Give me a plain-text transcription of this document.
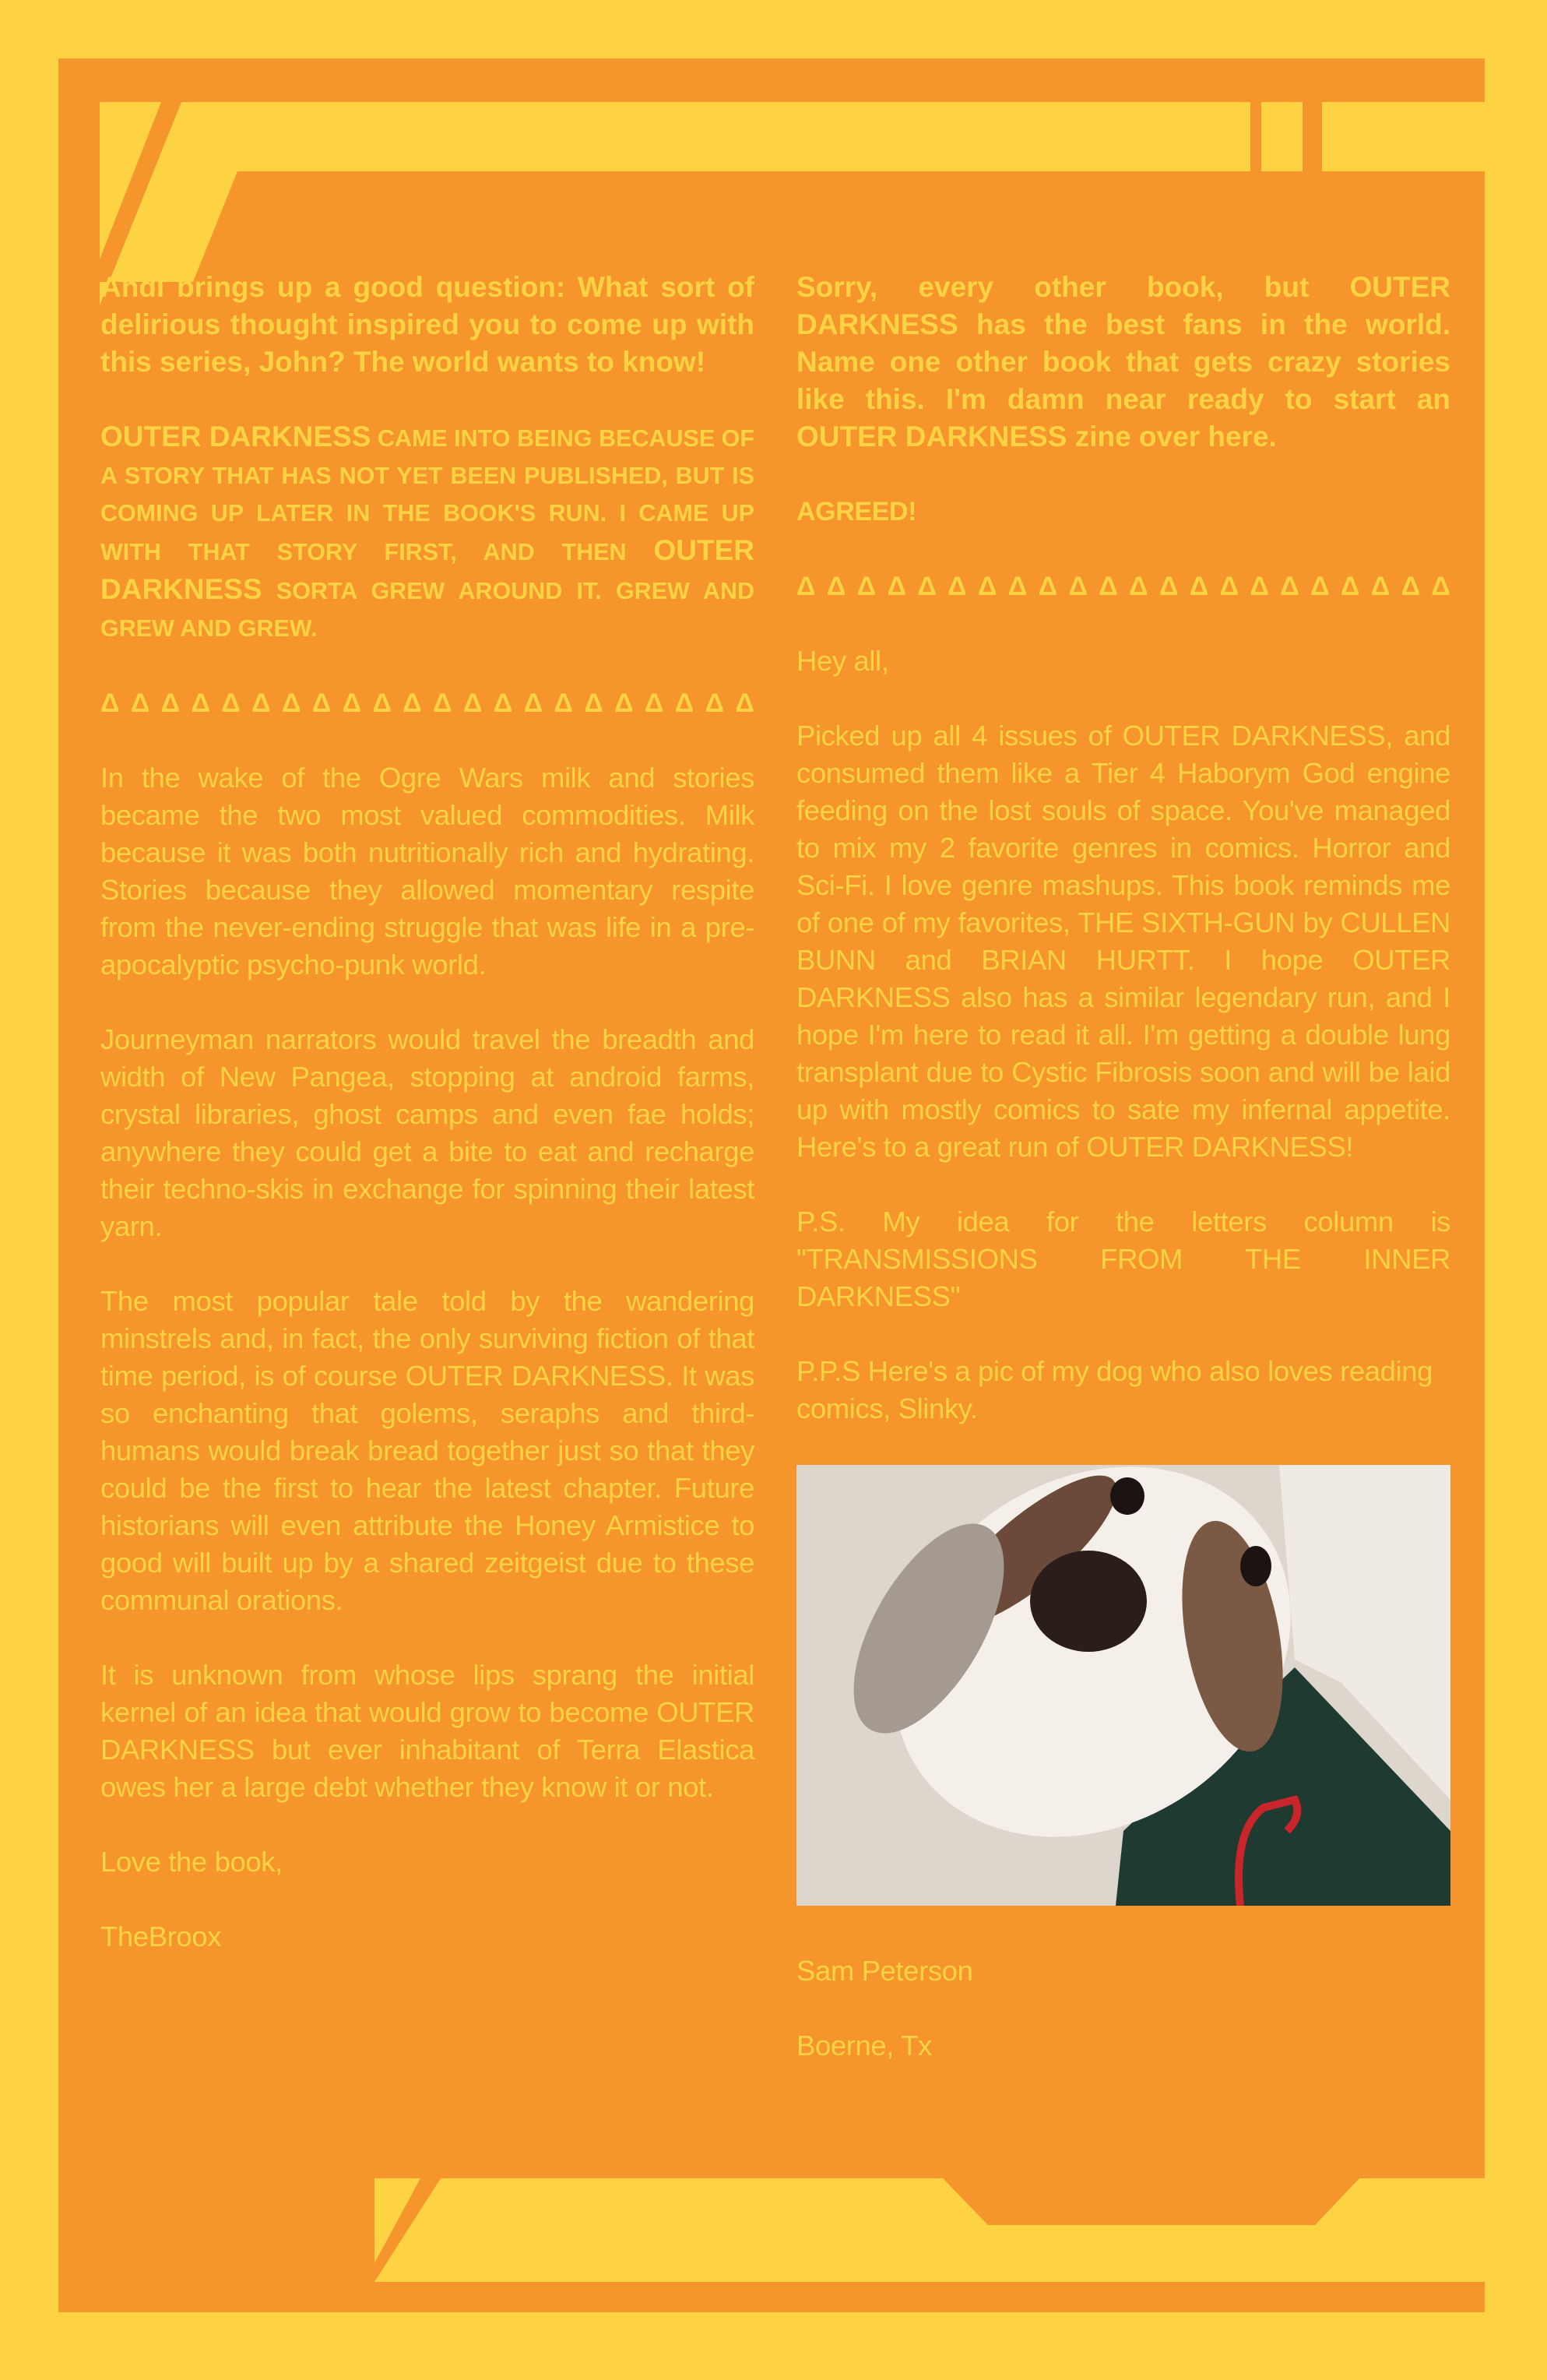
Andi brings up a good question: What sort of delirious thought inspired you to come up with this series, John? The world wants to know!

OUTER DARKNESS CAME INTO BEING BECAUSE OF A STORY THAT HAS NOT YET BEEN PUBLISHED, BUT IS COMING UP LATER IN THE BOOK'S RUN. I CAME UP WITH THAT STORY FIRST, AND THEN OUTER DARKNESS SORTA GREW AROUND IT. GREW AND GREW AND GREW.

Δ Δ Δ Δ Δ Δ Δ Δ Δ Δ Δ Δ Δ Δ Δ Δ Δ Δ Δ Δ Δ Δ

In the wake of the Ogre Wars milk and stories became the two most valued commodities. Milk because it was both nutritionally rich and hydrating. Stories because they allowed momentary respite from the never-ending struggle that was life in a pre-apocalyptic psycho-punk world.

Journeyman narrators would travel the breadth and width of New Pangea, stopping at android farms, crystal libraries, ghost camps and even fae holds; anywhere they could get a bite to eat and recharge their techno-skis in exchange for spinning their latest yarn.

The most popular tale told by the wandering minstrels and, in fact, the only surviving fiction of that time period, is of course OUTER DARKNESS. It was so enchanting that golems, seraphs and third-humans would break bread together just so that they could be the first to hear the latest chapter. Future historians will even attribute the Honey Armistice to good will built up by a shared zeitgeist due to these communal orations.

It is unknown from whose lips sprang the initial kernel of an idea that would grow to become OUTER DARKNESS but ever inhabitant of Terra Elastica owes her a large debt whether they know it or not.

Love the book,

TheBroox

Sorry, every other book, but OUTER DARKNESS has the best fans in the world. Name one other book that gets crazy stories like this. I'm damn near ready to start an OUTER DARKNESS zine over here.

AGREED!

Δ Δ Δ Δ Δ Δ Δ Δ Δ Δ Δ Δ Δ Δ Δ Δ Δ Δ Δ Δ Δ Δ

Hey all,

Picked up all 4 issues of OUTER DARKNESS, and consumed them like a Tier 4 Haborym God engine feeding on the lost souls of space. You've managed to mix my 2 favorite genres in comics. Horror and Sci-Fi. I love genre mashups. This book reminds me of one of my favorites, THE SIXTH-GUN by CULLEN BUNN and BRIAN HURTT. I hope OUTER DARKNESS also has a similar legendary run, and I hope I'm here to read it all. I'm getting a double lung transplant due to Cystic Fibrosis soon and will be laid up with mostly comics to sate my infernal appetite. Here's to a great run of OUTER DARKNESS!

P.S. My idea for the letters column is "TRANSMISSIONS FROM THE INNER DARKNESS"

P.P.S Here's a pic of my dog who also loves reading comics, Slinky.

Sam Peterson

Boerne, Tx
